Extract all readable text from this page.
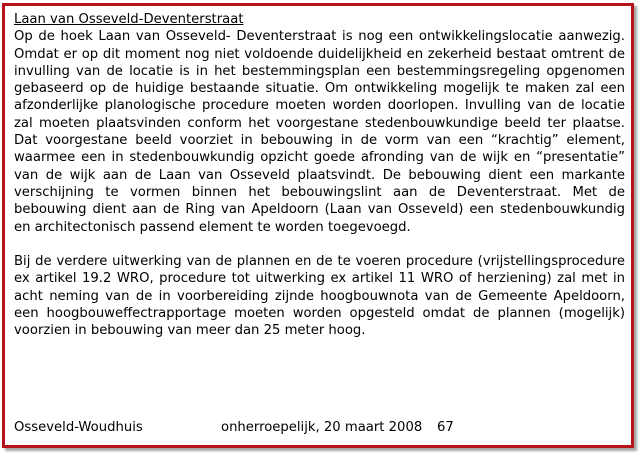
Laan van Osseveld-Deventerstraat

Op de hoek Laan van Osseveld- Deventerstraat is nog een ontwikkelingslocatie aanwezig. Omdat er op dit moment nog niet voldoende duidelijkheid en zekerheid bestaat omtrent de invulling van de locatie is in het bestemmingsplan een bestemmingsregeling opgenomen gebaseerd op de huidige bestaande situatie. Om ontwikkeling mogelijk te maken zal een afzonderlijke planologische procedure moeten worden doorlopen. Invulling van de locatie zal moeten plaatsvinden conform het voorgestane stedenbouwkundige beeld ter plaatse. Dat voorgestane beeld voorziet in bebouwing in de vorm van een “krachtig” element, waarmee een in stedenbouwkundig opzicht goede afronding van de wijk en “presentatie” van de wijk aan de Laan van Osseveld plaatsvindt. De bebouwing dient een markante verschijning te vormen binnen het bebouwingslint aan de Deventerstraat. Met de bebouwing dient aan de Ring van Apeldoorn (Laan van Osseveld) een stedenbouwkundig en architectonisch passend element te worden toegevoegd.

Bij de verdere uitwerking van de plannen en de te voeren procedure (vrijstellingsprocedure ex artikel 19.2 WRO, procedure tot uitwerking ex artikel 11 WRO of herziening) zal met in acht neming van de in voorbereiding zijnde hoogbouwnota van de Gemeente Apeldoorn, een hoogbouweffectrapportage moeten worden opgesteld omdat de plannen (mogelijk) voorzien in bebouwing van meer dan 25 meter hoog.

Osseveld-Woudhuis	onherroepelijk, 20 maart 2008 67
